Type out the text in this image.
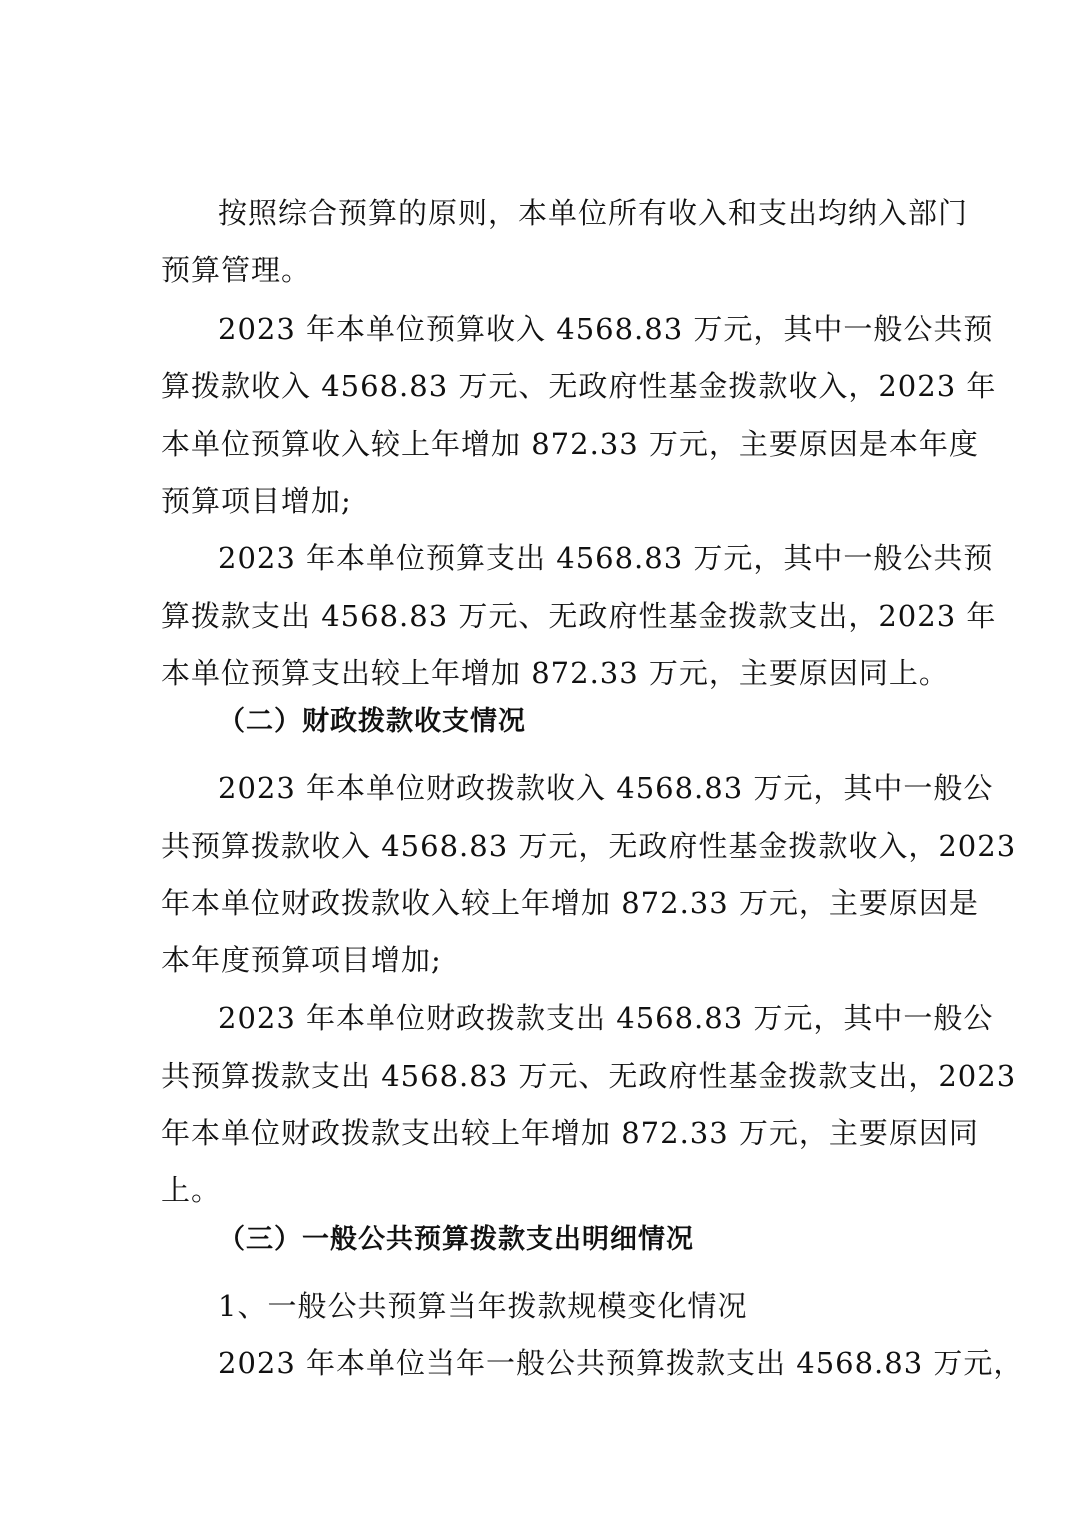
按照综合预算的原则，本单位所有收入和支出均纳入部门
预算管理。
2023 年本单位预算收入 4568.83 万元，其中一般公共预
算拨款收入 4568.83 万元、无政府性基金拨款收入，2023 年
本单位预算收入较上年增加 872.33 万元，主要原因是本年度
预算项目增加;
2023 年本单位预算支出 4568.83 万元，其中一般公共预
算拨款支出 4568.83 万元、无政府性基金拨款支出，2023 年
本单位预算支出较上年增加 872.33 万元，主要原因同上。
（二）财政拨款收支情况
2023 年本单位财政拨款收入 4568.83 万元，其中一般公
共预算拨款收入 4568.83 万元，无政府性基金拨款收入，2023
年本单位财政拨款收入较上年增加 872.33 万元，主要原因是
本年度预算项目增加;
2023 年本单位财政拨款支出 4568.83 万元，其中一般公
共预算拨款支出 4568.83 万元、无政府性基金拨款支出，2023
年本单位财政拨款支出较上年增加 872.33 万元，主要原因同
上。
（三）一般公共预算拨款支出明细情况
1、一般公共预算当年拨款规模变化情况
2023 年本单位当年一般公共预算拨款支出 4568.83 万元，
